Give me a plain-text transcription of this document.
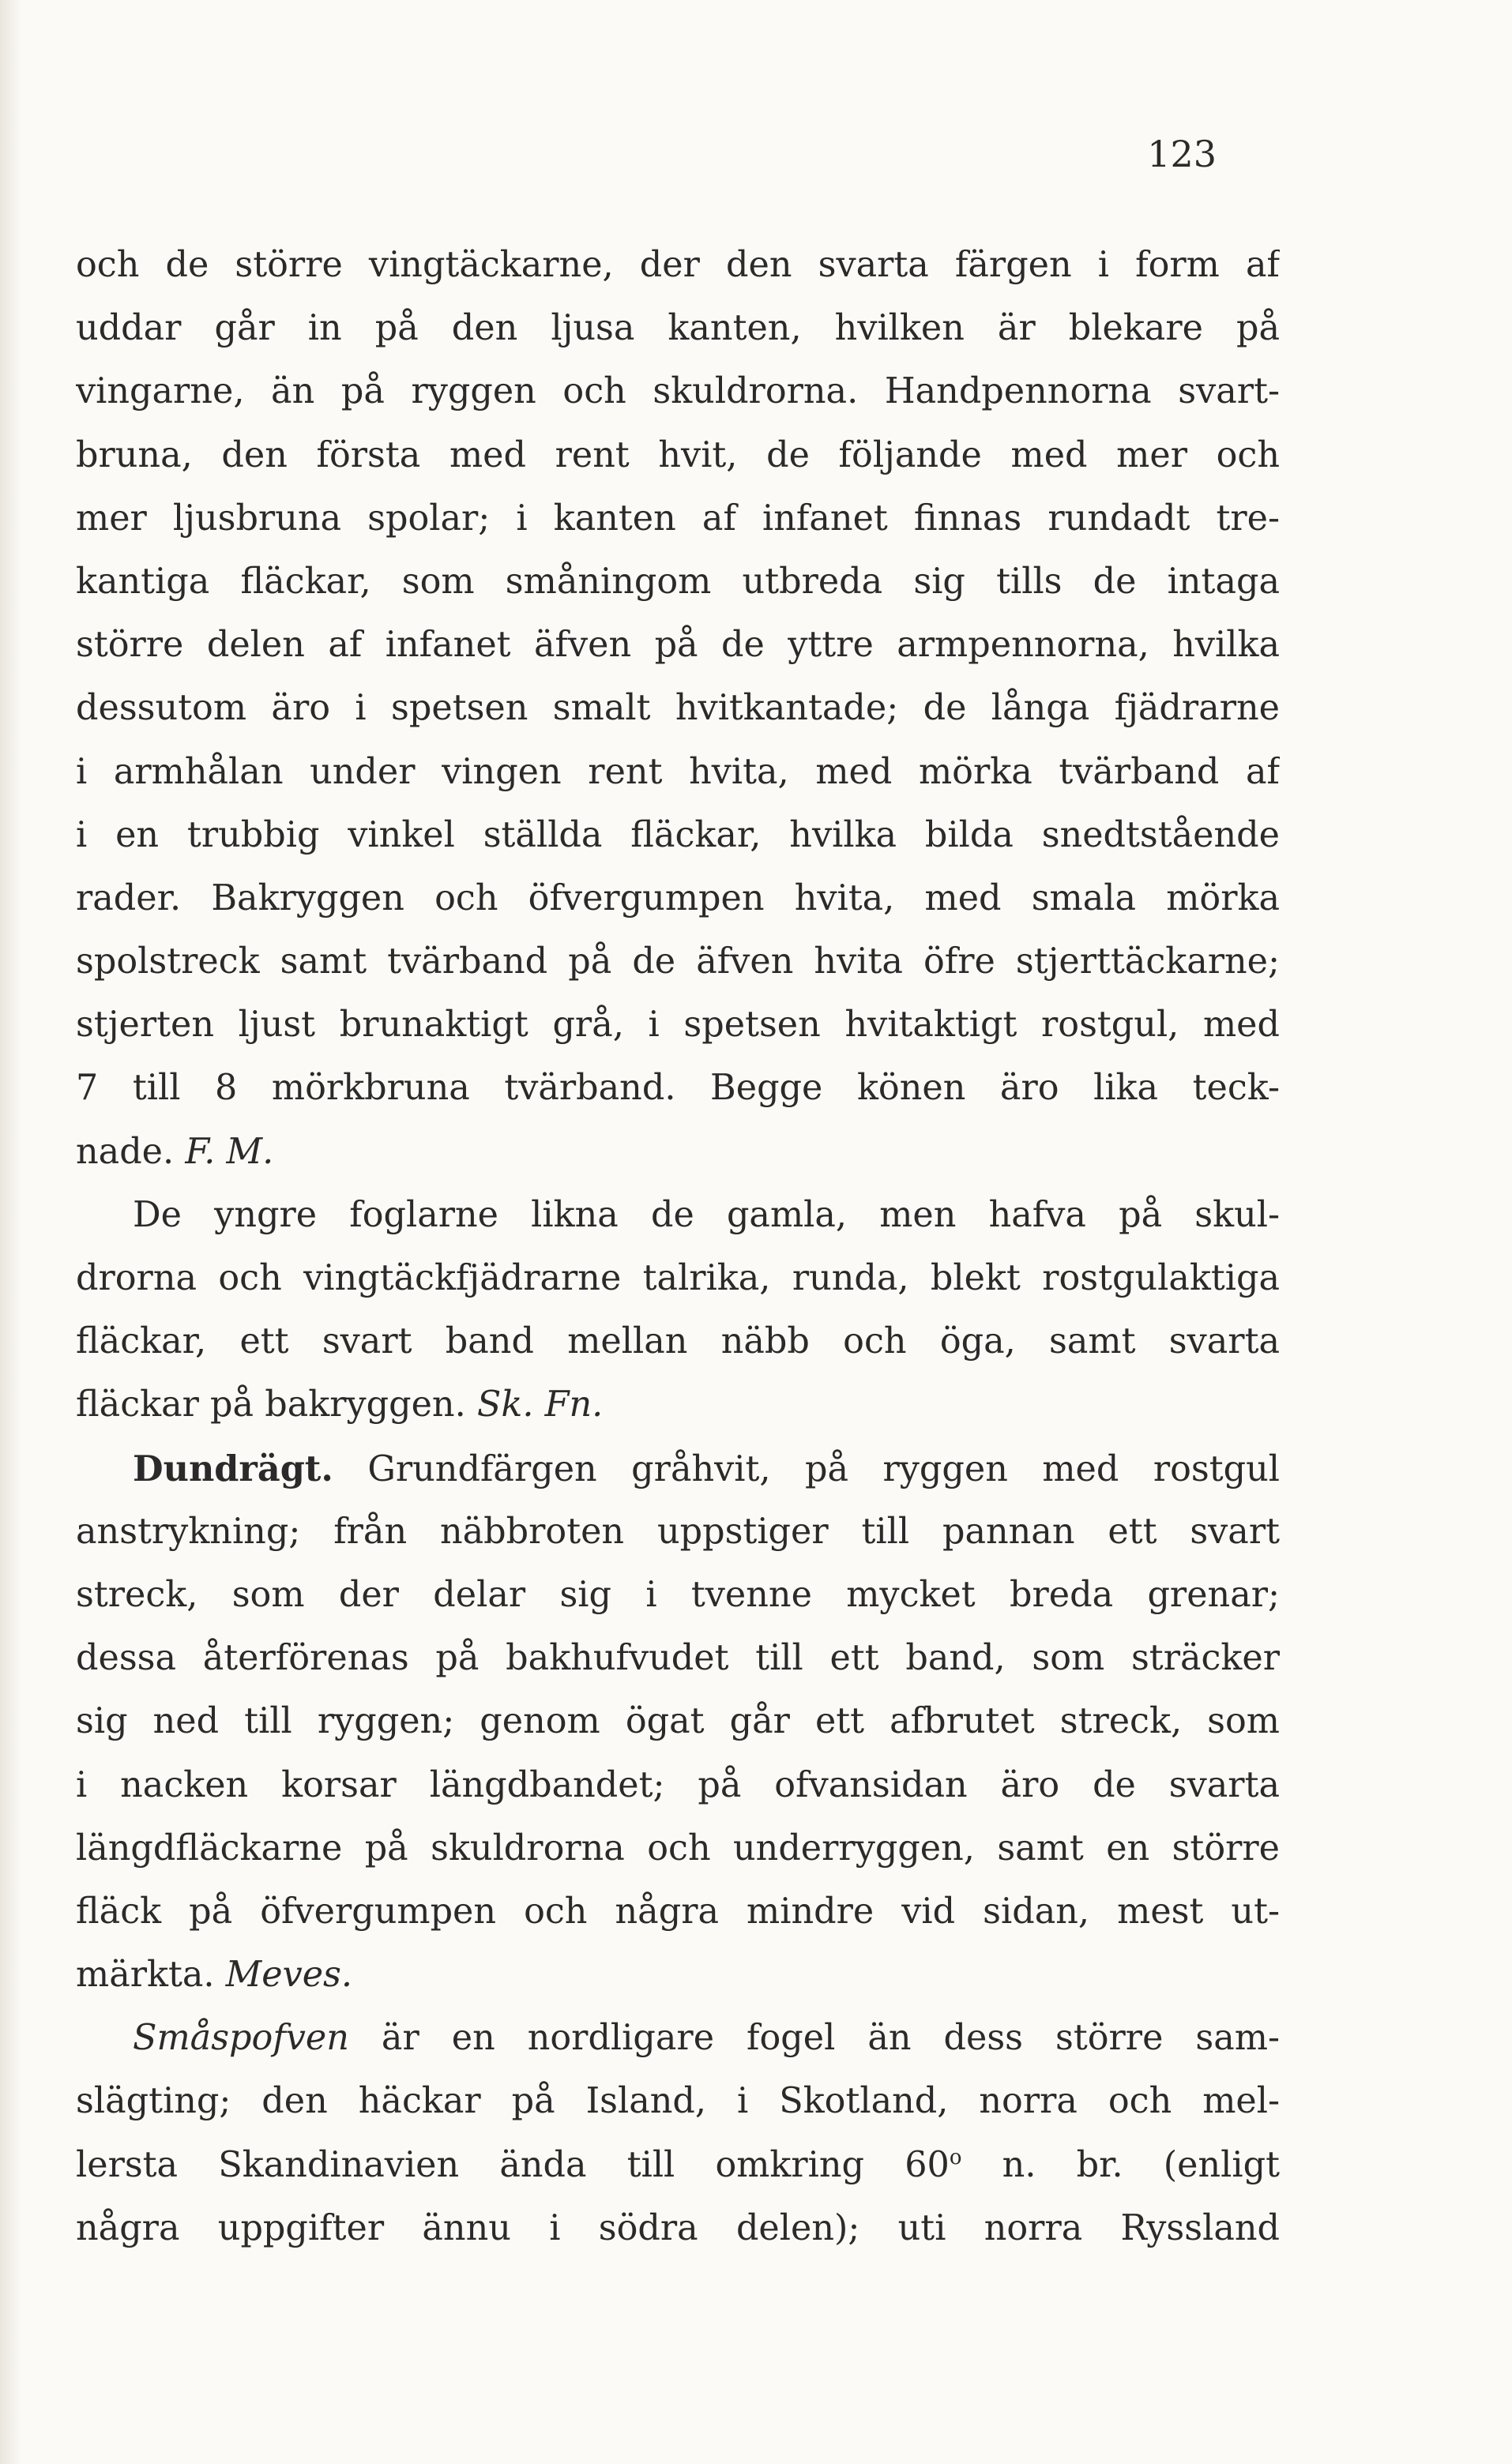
123
och de större vingtäckarne, der den svarta färgen i form af
uddar går in på den ljusa kanten, hvilken är blekare på
vingarne, än på ryggen och skuldrorna. Handpennorna svart-
bruna, den första med rent hvit, de följande med mer och
mer ljusbruna spolar; i kanten af infanet finnas rundadt tre-
kantiga fläckar, som småningom utbreda sig tills de intaga
större delen af infanet äfven på de yttre armpennorna, hvilka
dessutom äro i spetsen smalt hvitkantade; de långa fjädrarne
i armhålan under vingen rent hvita, med mörka tvärband af
i en trubbig vinkel ställda fläckar, hvilka bilda snedtstående
rader. Bakryggen och öfvergumpen hvita, med smala mörka
spolstreck samt tvärband på de äfven hvita öfre stjerttäckarne;
stjerten ljust brunaktigt grå, i spetsen hvitaktigt rostgul, med
7 till 8 mörkbruna tvärband. Begge könen äro lika teck-
nade. F. M.
De yngre foglarne likna de gamla, men hafva på skul-
drorna och vingtäckfjädrarne talrika, runda, blekt rostgulaktiga
fläckar, ett svart band mellan näbb och öga, samt svarta
fläckar på bakryggen. Sk. Fn.
Dundrägt. Grundfärgen gråhvit, på ryggen med rostgul
anstrykning; från näbbroten uppstiger till pannan ett svart
streck, som der delar sig i tvenne mycket breda grenar;
dessa återförenas på bakhufvudet till ett band, som sträcker
sig ned till ryggen; genom ögat går ett afbrutet streck, som
i nacken korsar längdbandet; på ofvansidan äro de svarta
längdfläckarne på skuldrorna och underryggen, samt en större
fläck på öfvergumpen och några mindre vid sidan, mest ut-
märkta. Meves.
Småspofven är en nordligare fogel än dess större sam-
slägting; den häckar på Island, i Skotland, norra och mel-
lersta Skandinavien ända till omkring 60$^o$ n. br. (enligt
några uppgifter ännu i södra delen); uti norra Ryssland
